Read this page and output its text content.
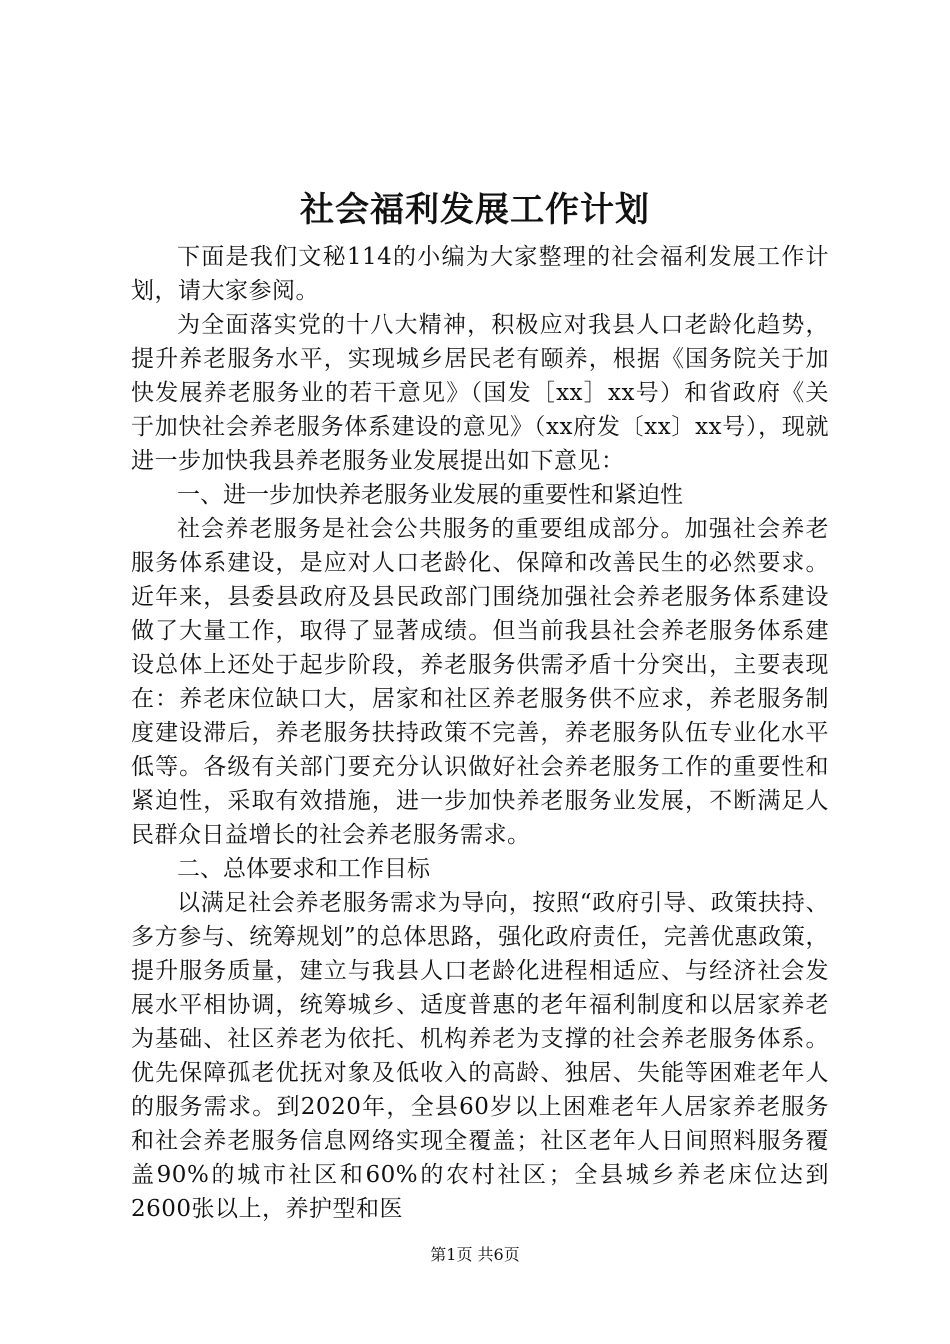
社会福利发展工作计划

下面是我们文秘114的小编为大家整理的社会福利发展工作计划，请大家参阅。

为全面落实党的十八大精神，积极应对我县人口老龄化趋势，提升养老服务水平，实现城乡居民老有颐养，根据《国务院关于加快发展养老服务业的若干意见》（国发［xx］xx号）和省政府《关于加快社会养老服务体系建设的意见》（xx府发〔xx〕xx号），现就进一步加快我县养老服务业发展提出如下意见：

一、进一步加快养老服务业发展的重要性和紧迫性

社会养老服务是社会公共服务的重要组成部分。加强社会养老服务体系建设，是应对人口老龄化、保障和改善民生的必然要求。近年来，县委县政府及县民政部门围绕加强社会养老服务体系建设做了大量工作，取得了显著成绩。但当前我县社会养老服务体系建设总体上还处于起步阶段，养老服务供需矛盾十分突出，主要表现在：养老床位缺口大，居家和社区养老服务供不应求，养老服务制度建设滞后，养老服务扶持政策不完善，养老服务队伍专业化水平低等。各级有关部门要充分认识做好社会养老服务工作的重要性和紧迫性，采取有效措施，进一步加快养老服务业发展，不断满足人民群众日益增长的社会养老服务需求。

二、总体要求和工作目标

以满足社会养老服务需求为导向，按照“政府引导、政策扶持、多方参与、统筹规划”的总体思路，强化政府责任，完善优惠政策，提升服务质量，建立与我县人口老龄化进程相适应、与经济社会发展水平相协调，统筹城乡、适度普惠的老年福利制度和以居家养老为基础、社区养老为依托、机构养老为支撑的社会养老服务体系。优先保障孤老优抚对象及低收入的高龄、独居、失能等困难老年人的服务需求。到2020年，全县60岁以上困难老年人居家养老服务和社会养老服务信息网络实现全覆盖；社区老年人日间照料服务覆盖90%的城市社区和60%的农村社区；全县城乡养老床位达到2600张以上，养护型和医

第1页 共6页
